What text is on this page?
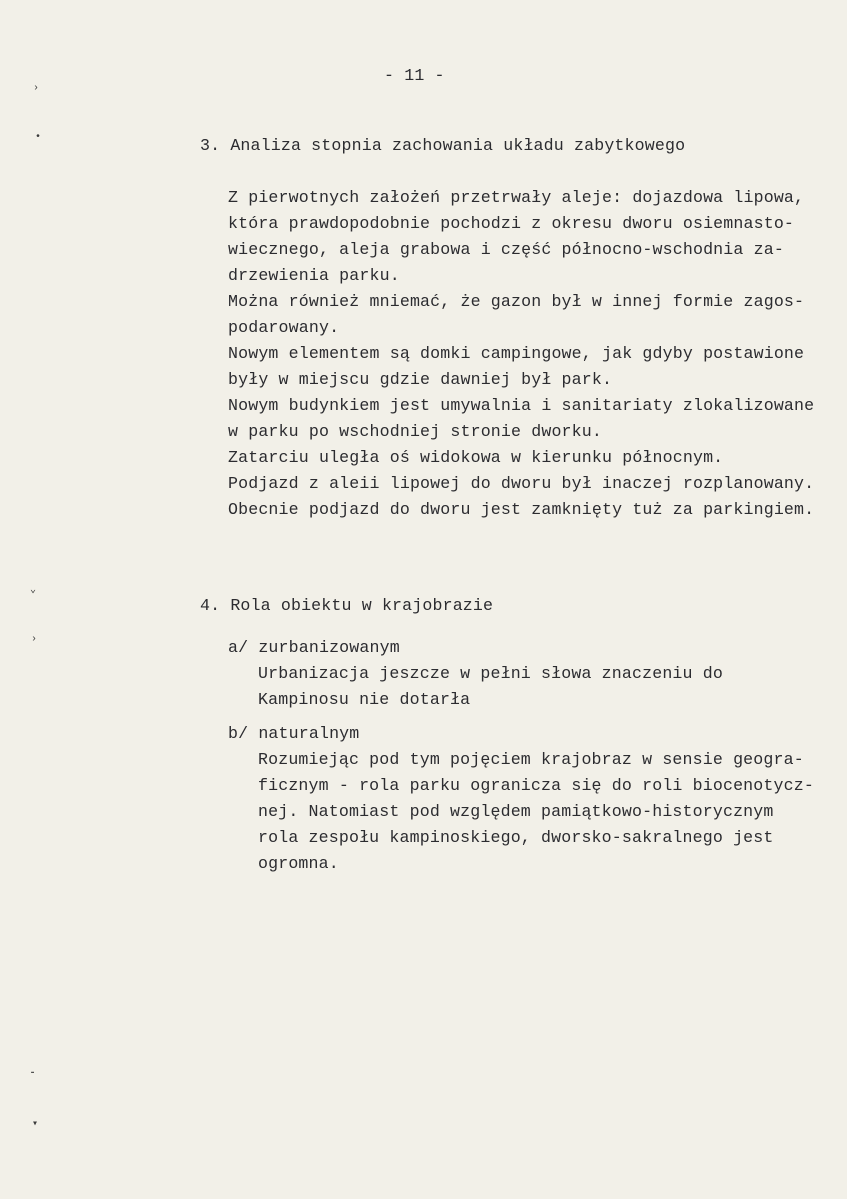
›
•
⌄
›
⁃
▾
- 11 -
3. Analiza stopnia zachowania układu zabytkowego
Z pierwotnych założeń przetrwały aleje: dojazdowa lipowa,
która prawdopodobnie pochodzi z okresu dworu osiemnasto-
wiecznego, aleja grabowa i część północno-wschodnia za-
drzewienia parku.
Można również mniemać, że gazon był w innej formie zagos-
podarowany.
Nowym elementem są domki campingowe, jak gdyby postawione
były w miejscu gdzie dawniej był park.
Nowym budynkiem jest umywalnia i sanitariaty zlokalizowane
w parku po wschodniej stronie dworku.
Zatarciu uległa oś widokowa w kierunku północnym.
Podjazd z aleii lipowej do dworu był inaczej rozplanowany.
Obecnie podjazd do dworu jest zamknięty tuż za parkingiem.
4. Rola obiektu w krajobrazie
a/ zurbanizowanym
Urbanizacja jeszcze w pełni słowa znaczeniu do
Kampinosu nie dotarła
b/ naturalnym
Rozumiejąc pod tym pojęciem krajobraz w sensie geogra-
ficznym - rola parku ogranicza się do roli biocenotycz-
nej. Natomiast pod względem pamiątkowo-historycznym
rola zespołu kampinoskiego, dworsko-sakralnego jest
ogromna.
